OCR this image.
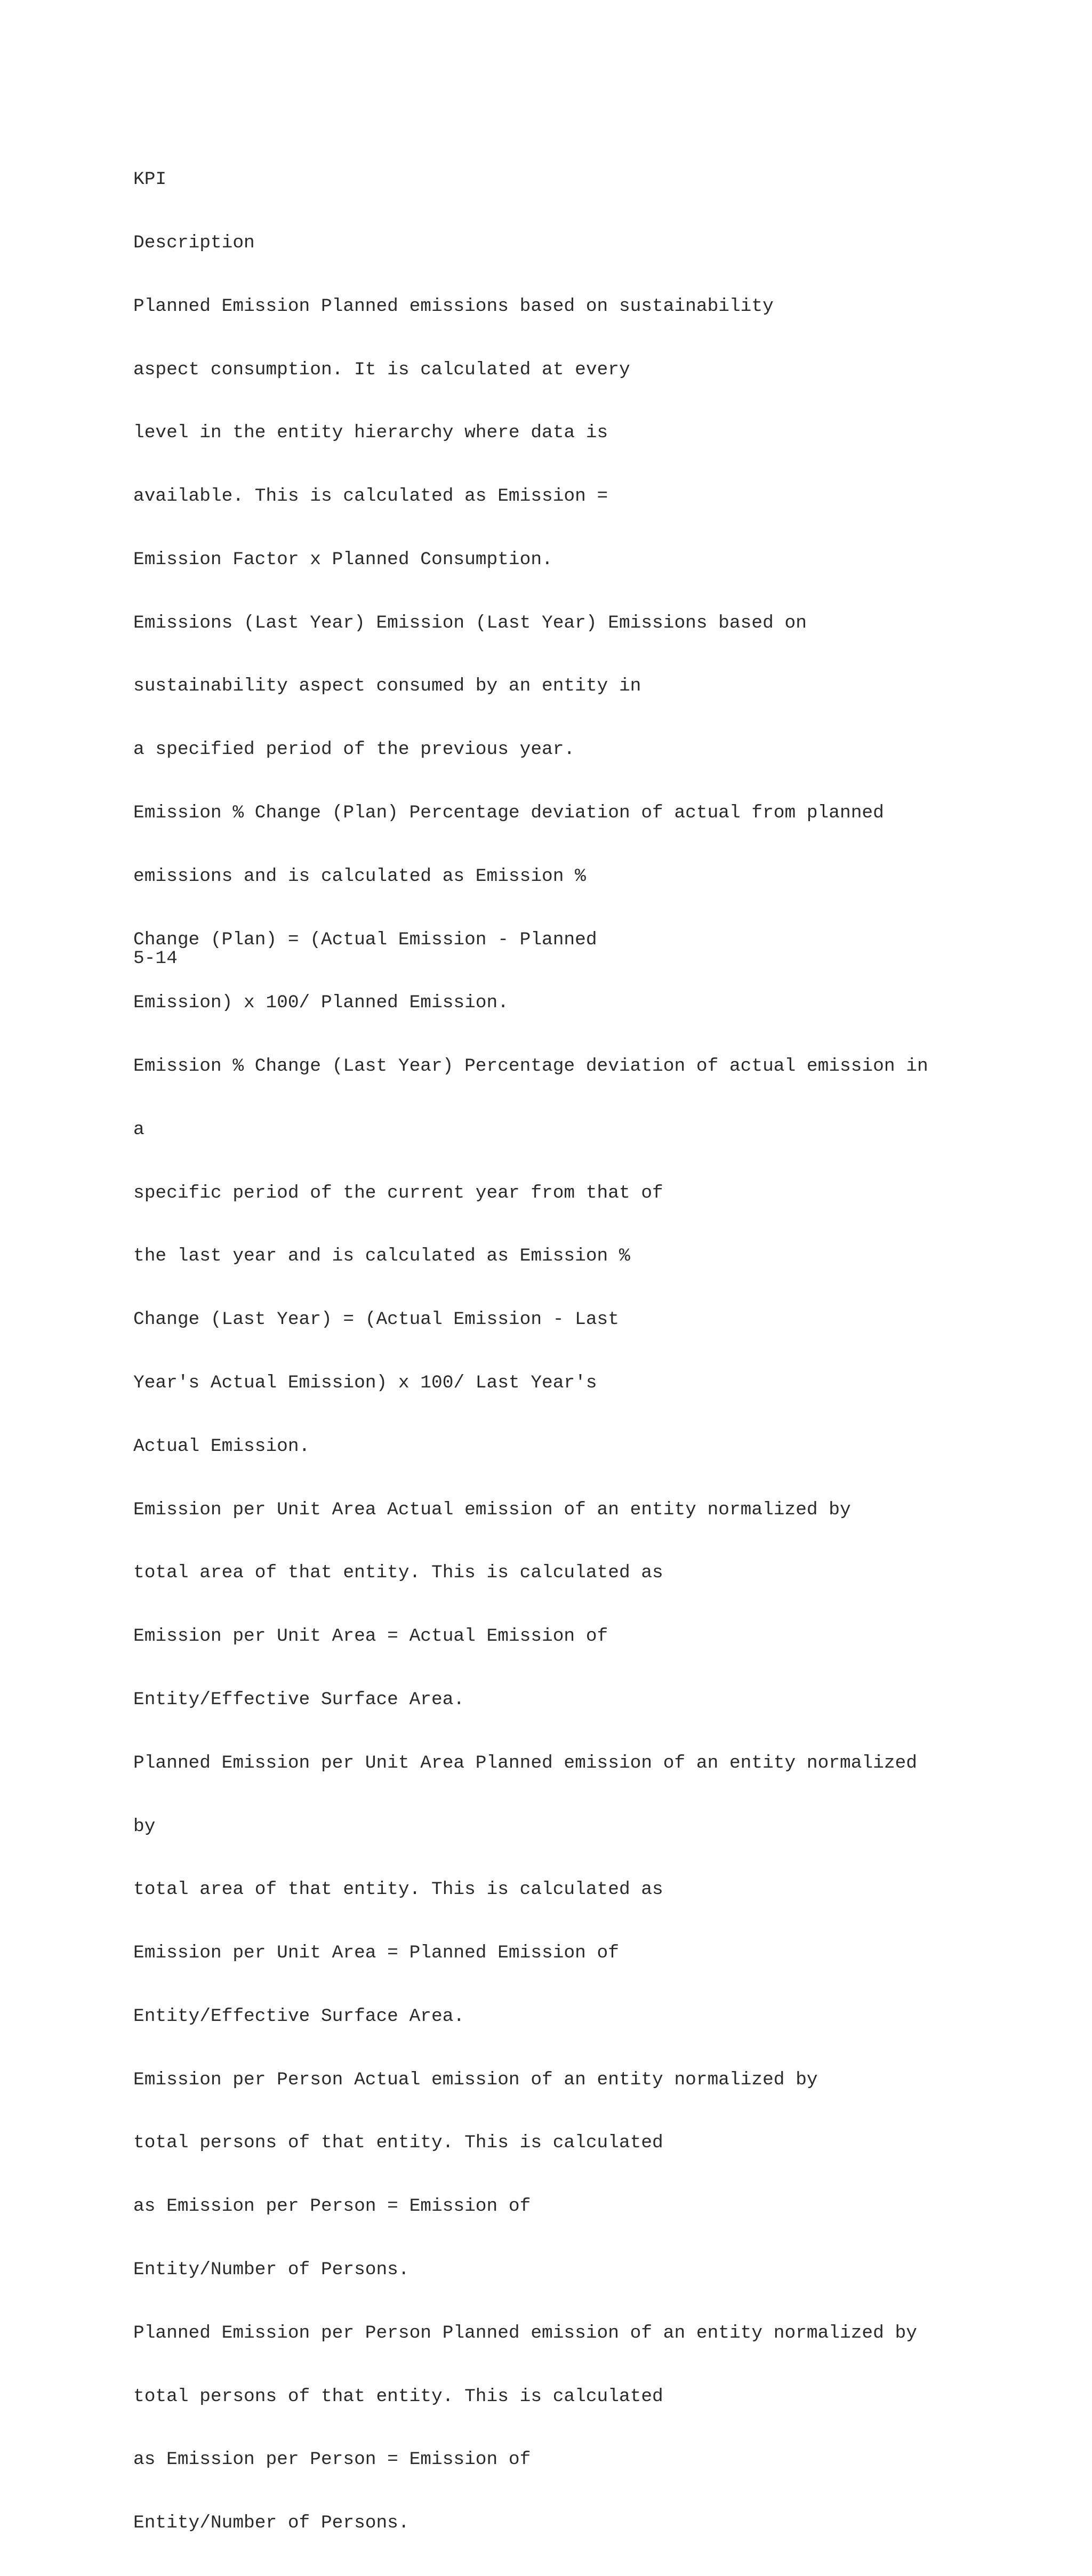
KPI

Description

Planned Emission Planned emissions based on sustainability

aspect consumption. It is calculated at every

level in the entity hierarchy where data is

available. This is calculated as Emission =

Emission Factor x Planned Consumption.

Emissions (Last Year) Emission (Last Year) Emissions based on

sustainability aspect consumed by an entity in

a specified period of the previous year.

Emission % Change (Plan) Percentage deviation of actual from planned

emissions and is calculated as Emission %

Change (Plan) = (Actual Emission - Planned

Emission) x 100/ Planned Emission.

Emission % Change (Last Year) Percentage deviation of actual emission in

a

specific period of the current year from that of

the last year and is calculated as Emission %

Change (Last Year) = (Actual Emission - Last

Year's Actual Emission) x 100/ Last Year's

Actual Emission.

Emission per Unit Area Actual emission of an entity normalized by

total area of that entity. This is calculated as

Emission per Unit Area = Actual Emission of

Entity/Effective Surface Area.

Planned Emission per Unit Area Planned emission of an entity normalized

by

total area of that entity. This is calculated as

Emission per Unit Area = Planned Emission of

Entity/Effective Surface Area.

Emission per Person Actual emission of an entity normalized by

total persons of that entity. This is calculated

as Emission per Person = Emission of

Entity/Number of Persons.

Planned Emission per Person Planned emission of an entity normalized by

total persons of that entity. This is calculated

as Emission per Person = Emission of

Entity/Number of Persons.

5-14
